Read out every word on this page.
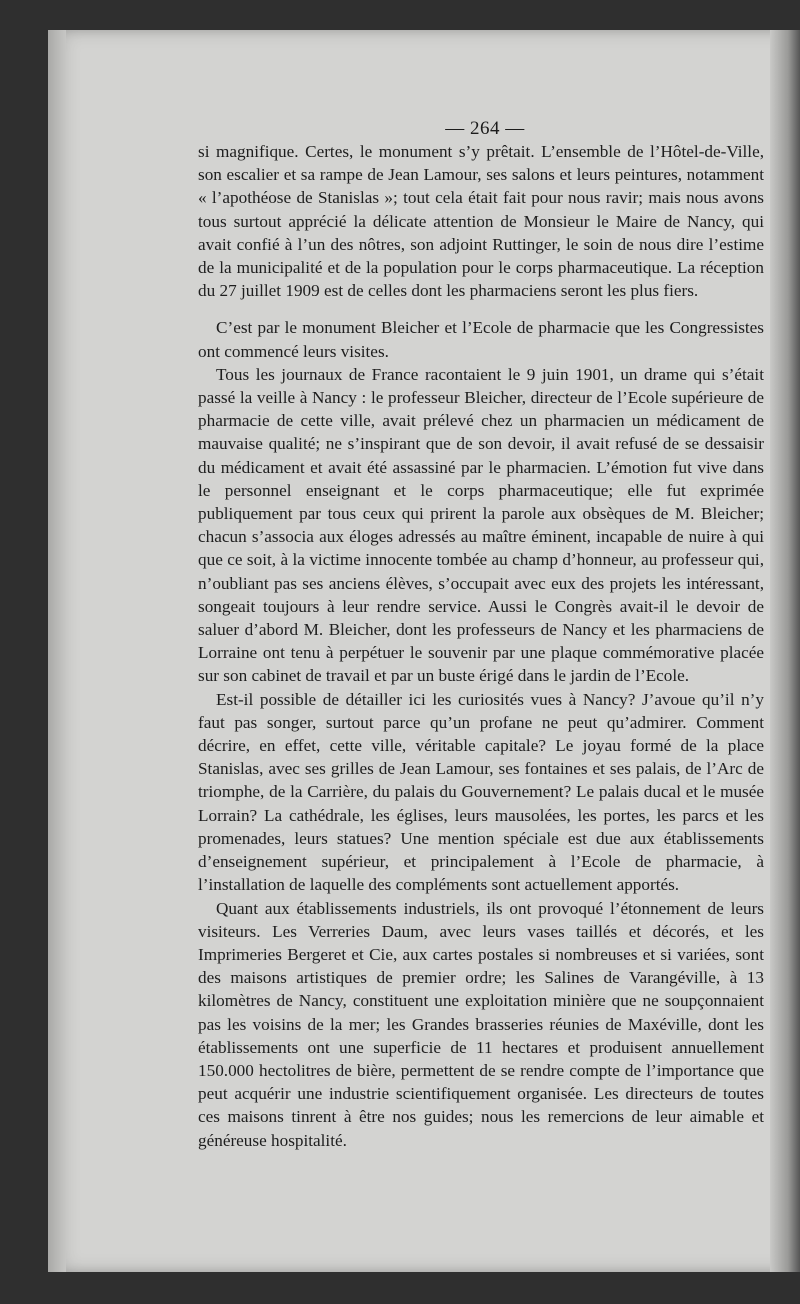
— 264 —

si magnifique. Certes, le monument s’y prêtait. L’ensemble de l’Hôtel-de-Ville, son escalier et sa rampe de Jean Lamour, ses salons et leurs peintures, notamment « l’apothéose de Stanislas »; tout cela était fait pour nous ravir; mais nous avons tous surtout apprécié la délicate attention de Monsieur le Maire de Nancy, qui avait confié à l’un des nôtres, son adjoint Ruttinger, le soin de nous dire l’estime de la municipalité et de la population pour le corps pharmaceutique. La réception du 27 juillet 1909 est de celles dont les pharmaciens seront les plus fiers.

C’est par le monument Bleicher et l’Ecole de pharmacie que les Congressistes ont commencé leurs visites.

Tous les journaux de France racontaient le 9 juin 1901, un drame qui s’était passé la veille à Nancy : le professeur Bleicher, directeur de l’Ecole supérieure de pharmacie de cette ville, avait prélevé chez un pharmacien un médicament de mauvaise qualité; ne s’inspirant que de son devoir, il avait refusé de se dessaisir du médicament et avait été assassiné par le pharmacien. L’émotion fut vive dans le personnel enseignant et le corps pharmaceutique; elle fut exprimée publiquement par tous ceux qui prirent la parole aux obsèques de M. Bleicher; chacun s’associa aux éloges adressés au maître éminent, incapable de nuire à qui que ce soit, à la victime innocente tombée au champ d’honneur, au professeur qui, n’oubliant pas ses anciens élèves, s’occupait avec eux des projets les intéressant, songeait toujours à leur rendre service. Aussi le Congrès avait-il le devoir de saluer d’abord M. Bleicher, dont les professeurs de Nancy et les pharmaciens de Lorraine ont tenu à perpétuer le souvenir par une plaque commémorative placée sur son cabinet de travail et par un buste érigé dans le jardin de l’Ecole.

Est-il possible de détailler ici les curiosités vues à Nancy? J’avoue qu’il n’y faut pas songer, surtout parce qu’un profane ne peut qu’admirer. Comment décrire, en effet, cette ville, véritable capitale? Le joyau formé de la place Stanislas, avec ses grilles de Jean Lamour, ses fontaines et ses palais, de l’Arc de triomphe, de la Carrière, du palais du Gouvernement? Le palais ducal et le musée Lorrain? La cathédrale, les églises, leurs mausolées, les portes, les parcs et les promenades, leurs statues? Une mention spéciale est due aux établissements d’enseignement supérieur, et principalement à l’Ecole de pharmacie, à l’installation de laquelle des compléments sont actuellement apportés.

Quant aux établissements industriels, ils ont provoqué l’étonnement de leurs visiteurs. Les Verreries Daum, avec leurs vases taillés et décorés, et les Imprimeries Bergeret et Cie, aux cartes postales si nombreuses et si variées, sont des maisons artistiques de premier ordre; les Salines de Varangéville, à 13 kilomètres de Nancy, constituent une exploitation minière que ne soupçonnaient pas les voisins de la mer; les Grandes brasseries réunies de Maxéville, dont les établissements ont une superficie de 11 hectares et produisent annuellement 150.000 hectolitres de bière, permettent de se rendre compte de l’importance que peut acquérir une industrie scientifiquement organisée. Les directeurs de toutes ces maisons tinrent à être nos guides; nous les remercions de leur aimable et généreuse hospitalité.
